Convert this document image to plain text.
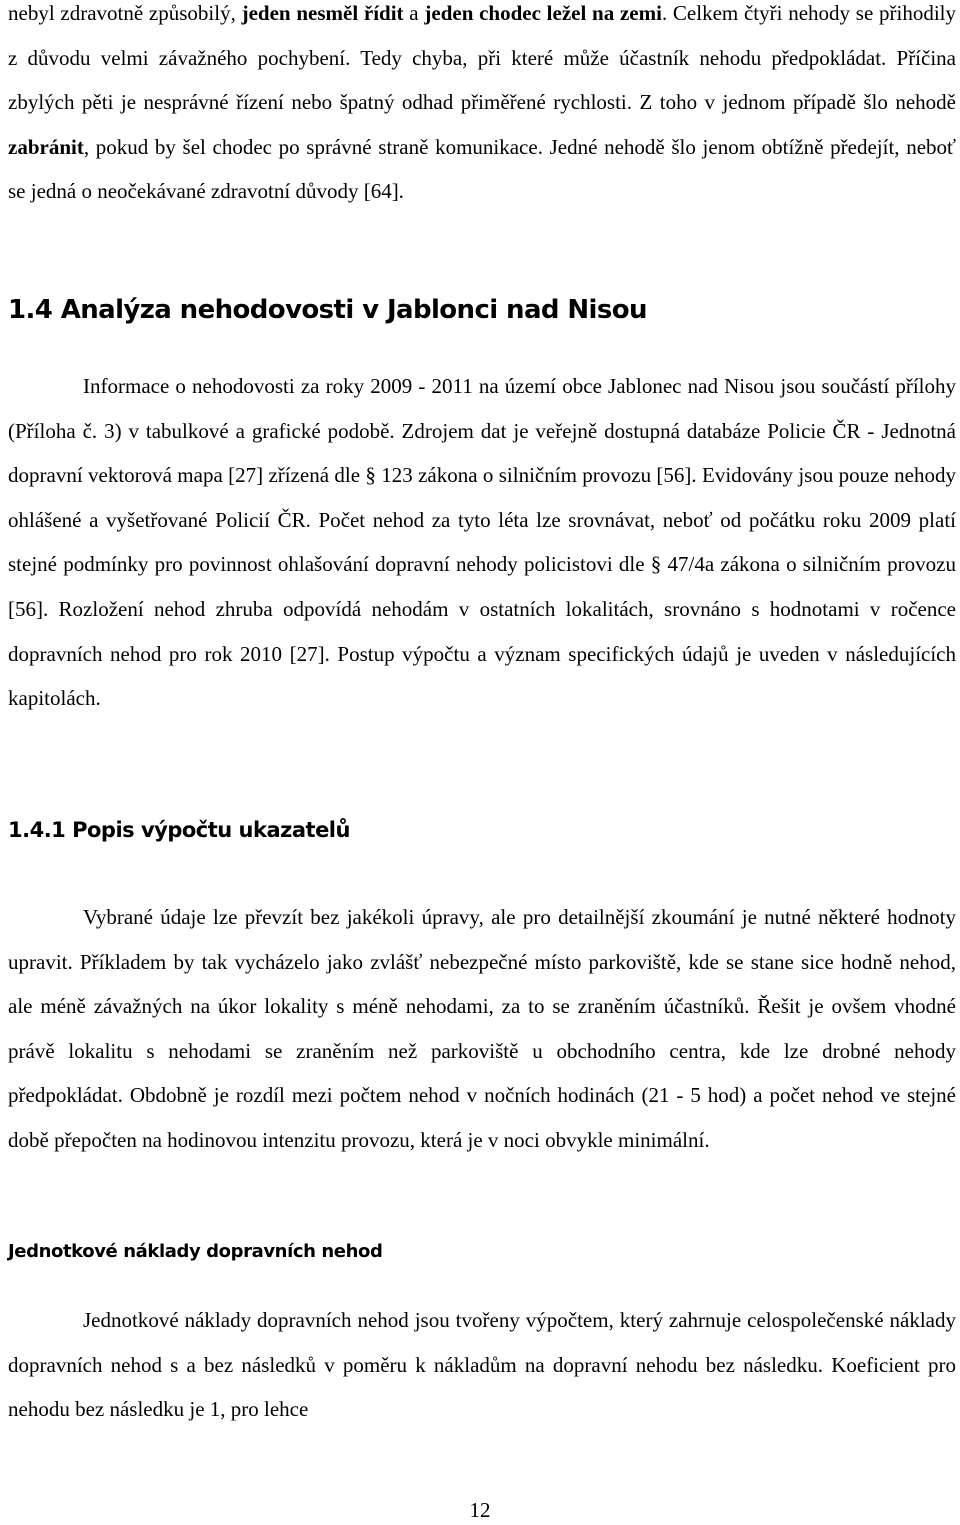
nebyl zdravotně způsobilý, jeden nesměl řídit a jeden chodec ležel na zemi. Celkem čtyři nehody se přihodily z důvodu velmi závažného pochybení. Tedy chyba, při které může účastník nehodu předpokládat. Příčina zbylých pěti je nesprávné řízení nebo špatný odhad přiměřené rychlosti. Z toho v jednom případě šlo nehodě zabránit, pokud by šel chodec po správné straně komunikace. Jedné nehodě šlo jenom obtížně předejít, neboť se jedná o neočekávané zdravotní důvody [64].

1.4 Analýza nehodovosti v Jablonci nad Nisou

Informace o nehodovosti za roky 2009 - 2011 na území obce Jablonec nad Nisou jsou součástí přílohy (Příloha č. 3) v tabulkové a grafické podobě. Zdrojem dat je veřejně dostupná databáze Policie ČR - Jednotná dopravní vektorová mapa [27] zřízená dle § 123 zákona o silničním provozu [56]. Evidovány jsou pouze nehody ohlášené a vyšetřované Policií ČR. Počet nehod za tyto léta lze srovnávat, neboť od počátku roku 2009 platí stejné podmínky pro povinnost ohlašování dopravní nehody policistovi dle § 47/4a zákona o silničním provozu [56]. Rozložení nehod zhruba odpovídá nehodám v ostatních lokalitách, srovnáno s hodnotami v ročence dopravních nehod pro rok 2010 [27]. Postup výpočtu a význam specifických údajů je uveden v následujících kapitolách.

1.4.1 Popis výpočtu ukazatelů

Vybrané údaje lze převzít bez jakékoli úpravy, ale pro detailnější zkoumání je nutné některé hodnoty upravit. Příkladem by tak vycházelo jako zvlášť nebezpečné místo parkoviště, kde se stane sice hodně nehod, ale méně závažných na úkor lokality s méně nehodami, za to se zraněním účastníků. Řešit je ovšem vhodné právě lokalitu s nehodami se zraněním než parkoviště u obchodního centra, kde lze drobné nehody předpokládat. Obdobně je rozdíl mezi počtem nehod v nočních hodinách (21 - 5 hod) a počet nehod ve stejné době přepočten na hodinovou intenzitu provozu, která je v noci obvykle minimální.

Jednotkové náklady dopravních nehod

Jednotkové náklady dopravních nehod jsou tvořeny výpočtem, který zahrnuje celospolečenské náklady dopravních nehod s a bez následků v poměru k nákladům na dopravní nehodu bez následku. Koeficient pro nehodu bez následku je 1, pro lehce

12
